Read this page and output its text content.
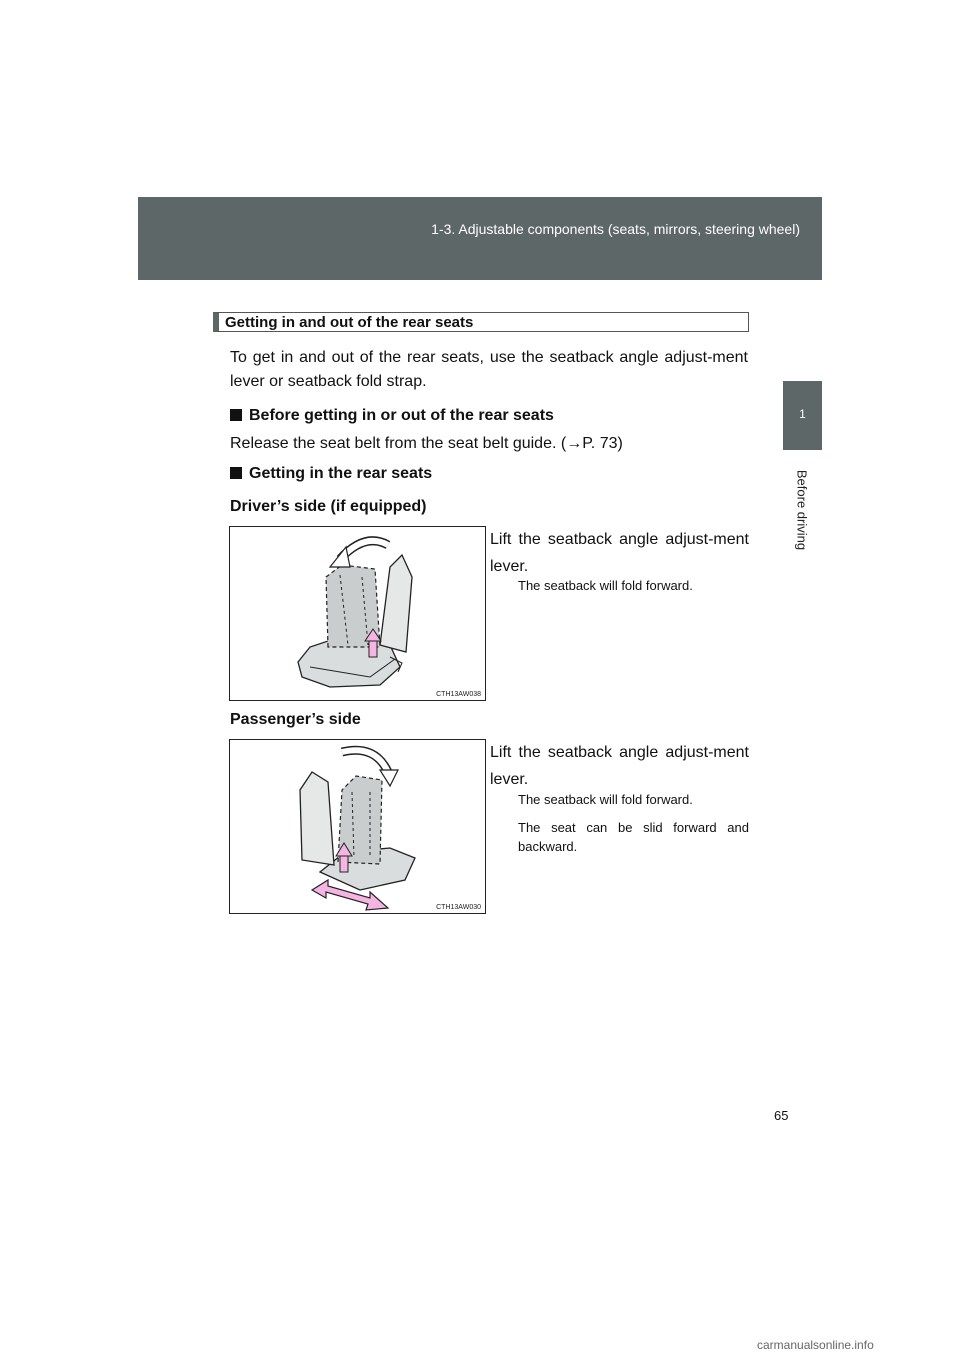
1-3. Adjustable components (seats, mirrors, steering wheel)
1
Before driving
Getting in and out of the rear seats
To get in and out of the rear seats, use the seatback angle adjust-ment lever or seatback fold strap.
Before getting in or out of the rear seats
Release the seat belt from the seat belt guide. (→P. 73)
Getting in the rear seats
Driver’s side (if equipped)
CTH13AW038
Lift the seatback angle adjust-ment lever.
The seatback will fold forward.
Passenger’s side
CTH13AW030
Lift the seatback angle adjust-ment lever.
The seatback will fold forward.
The seat can be slid forward and backward.
65
carmanualsonline.info
